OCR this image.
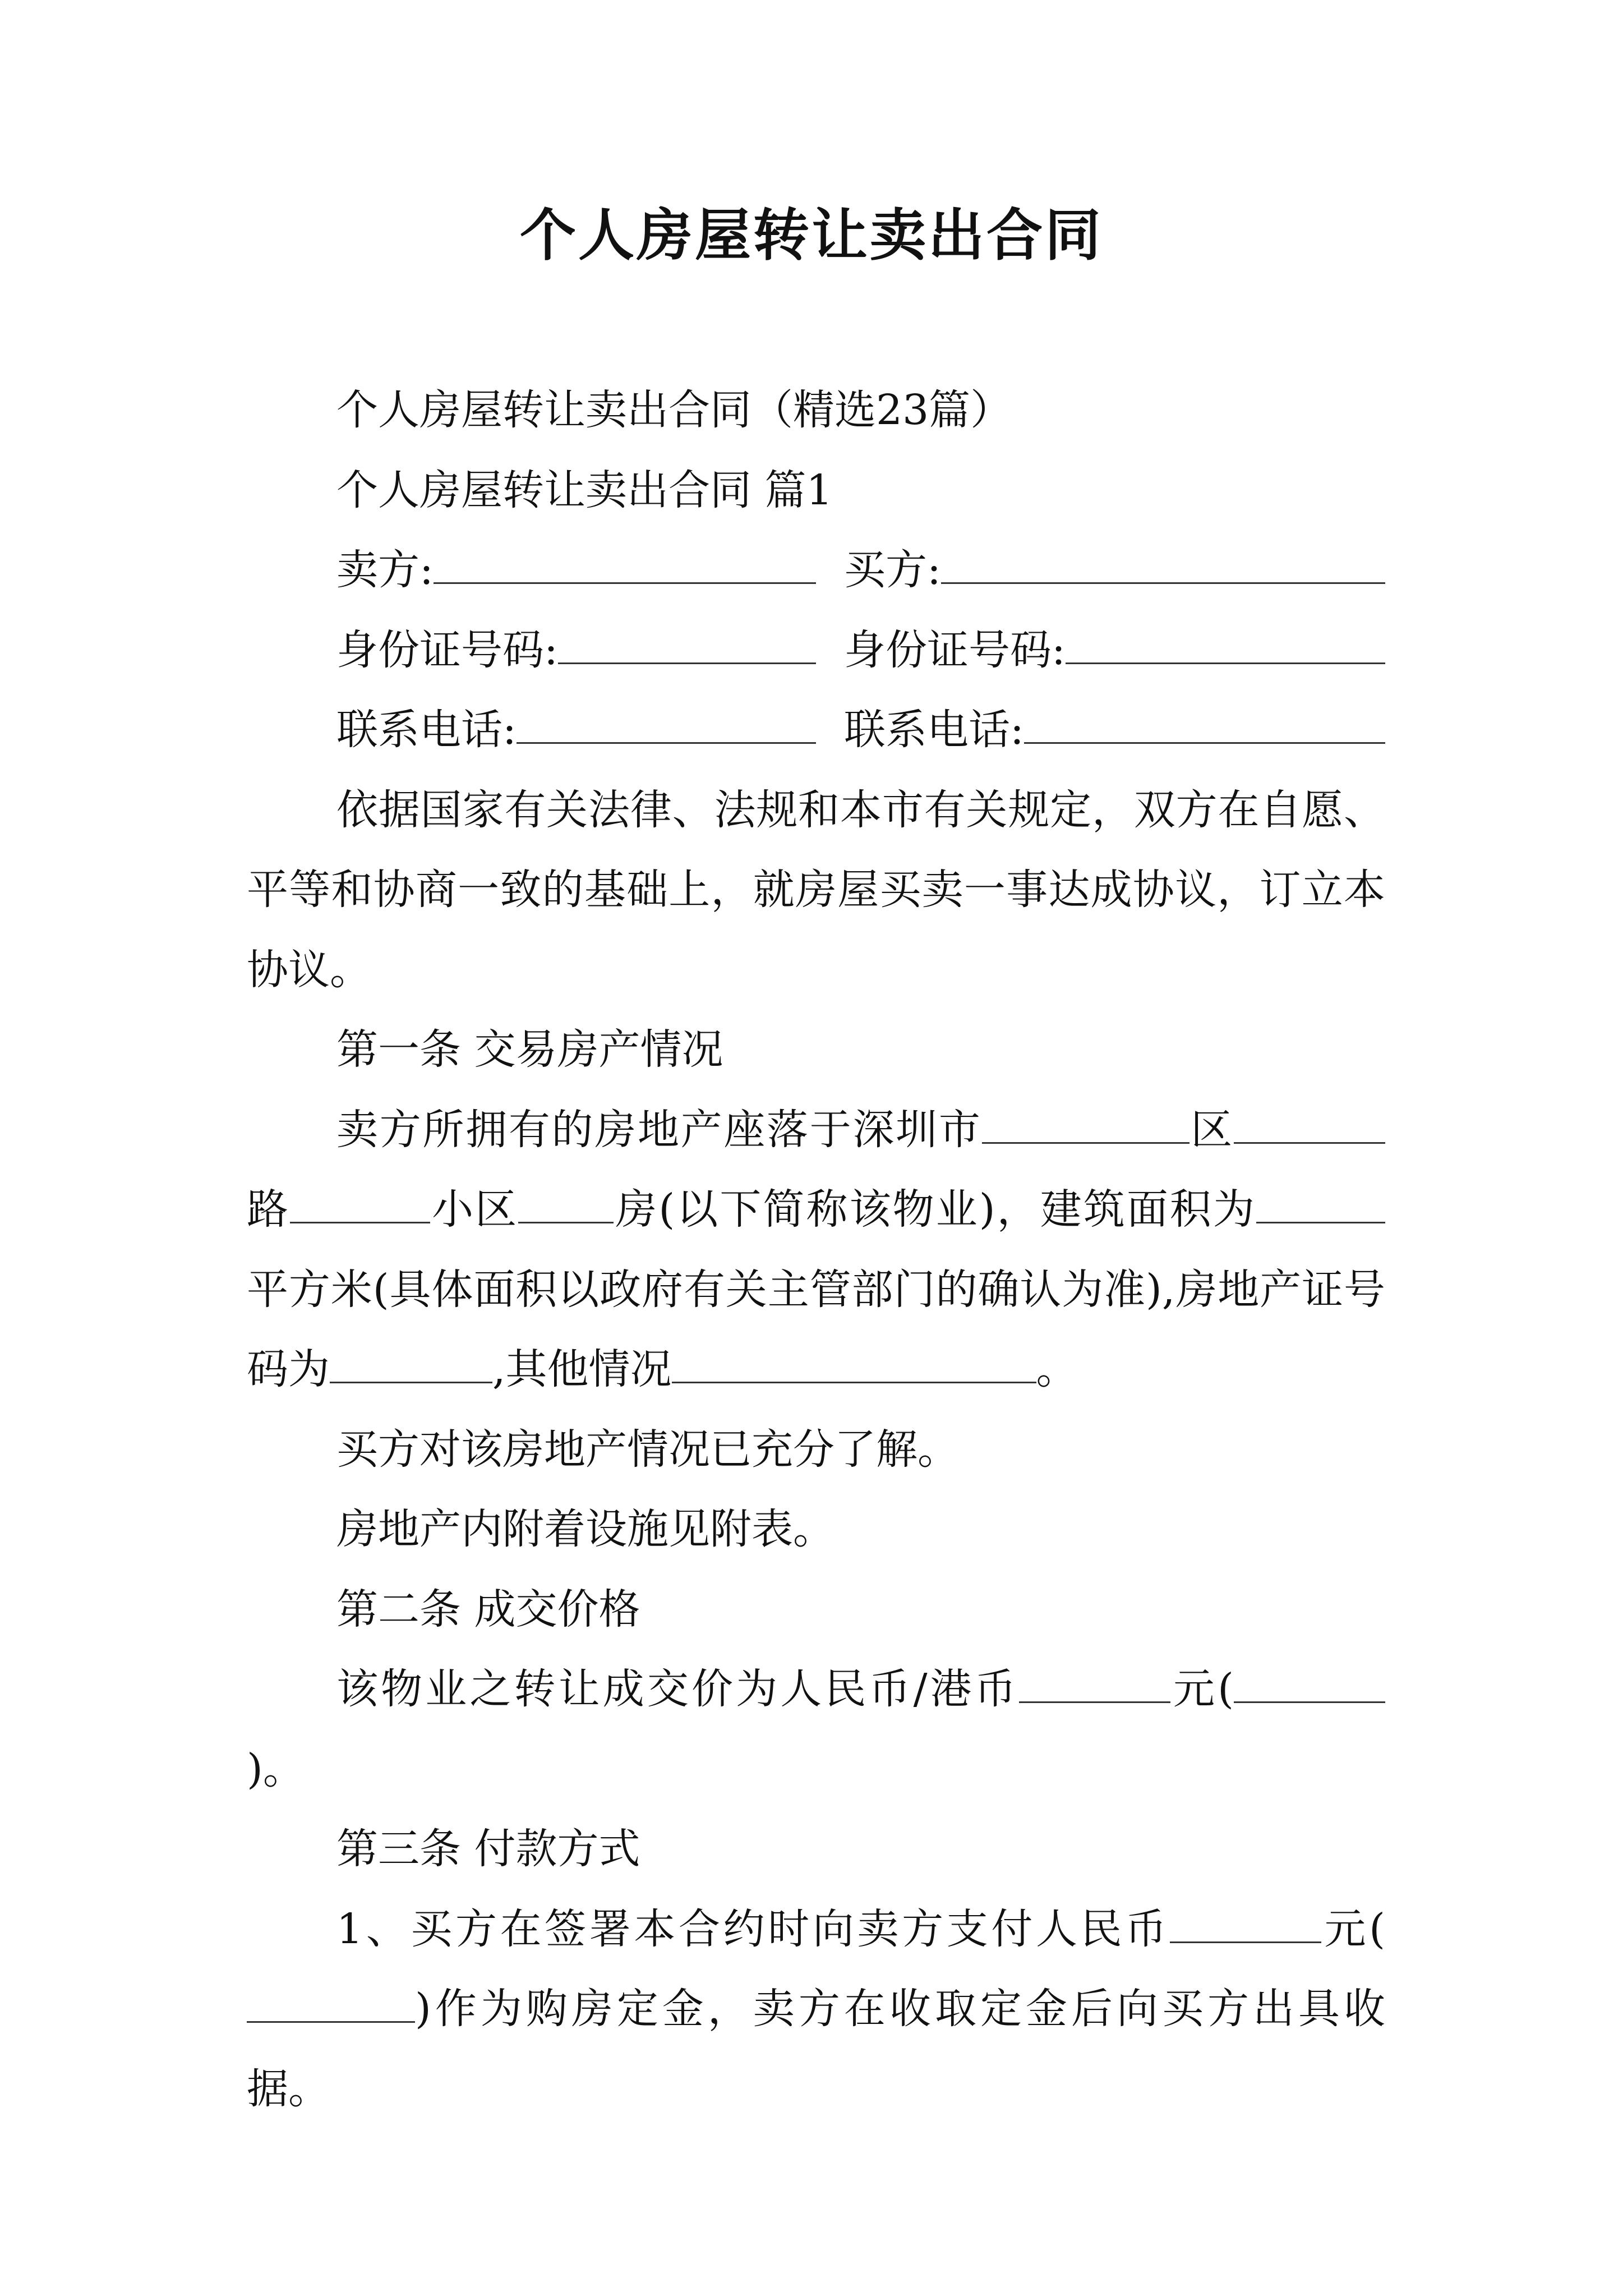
个人房屋转让卖出合同

个人房屋转让卖出合同（精选23篇）

个人房屋转让卖出合同 篇1

卖方:	买方:
身份证号码:	身份证号码:
联系电话:	联系电话:

依据国家有关法律、法规和本市有关规定，双方在自愿、平等和协商一致的基础上，就房屋买卖一事达成协议，订立本协议。

第一条 交易房产情况

卖方所拥有的房地产座落于深圳市	区路	小区 房(以下简称该物业)，建筑面积为平方米(具体面积以政府有关主管部门的确认为准),房地产证号码为	,其他情况	。

买方对该房地产情况已充分了解。

房地产内附着设施见附表。

第二条 成交价格

该物业之转让成交价为人民币/港币	元()。

第三条 付款方式

1、买方在签署本合约时向卖方支付人民币	元()作为购房定金，卖方在收取定金后向买方出具收据。
